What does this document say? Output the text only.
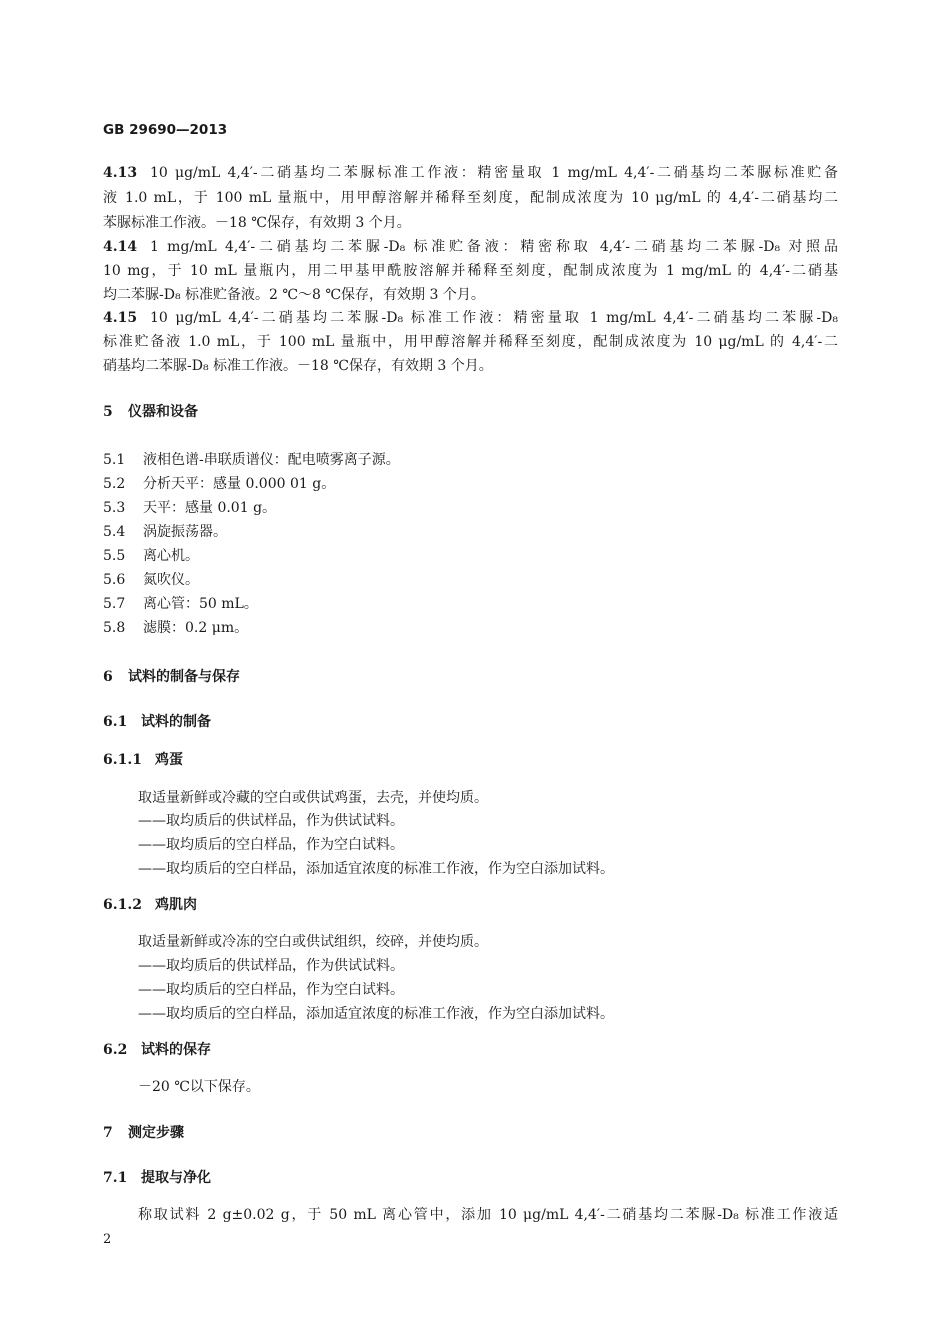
GB 29690—2013
4.13 10 μg/mL 4,4′-二硝基均二苯脲标准工作液：精密量取 1 mg/mL 4,4′-二硝基均二苯脲标准贮备
液 1.0 mL，于 100 mL 量瓶中，用甲醇溶解并稀释至刻度，配制成浓度为 10 μg/mL 的 4,4′-二硝基均二
苯脲标准工作液。－18 ℃保存，有效期 3 个月。
4.14 1 mg/mL 4,4′-二硝基均二苯脲-D₈ 标准贮备液：精密称取 4,4′-二硝基均二苯脲-D₈ 对照品
10 mg，于 10 mL 量瓶内，用二甲基甲酰胺溶解并稀释至刻度，配制成浓度为 1 mg/mL 的 4,4′-二硝基
均二苯脲-D₈ 标准贮备液。2 ℃～8 ℃保存，有效期 3 个月。
4.15 10 μg/mL 4,4′-二硝基均二苯脲-D₈ 标准工作液：精密量取 1 mg/mL 4,4′-二硝基均二苯脲-D₈
标准贮备液 1.0 mL，于 100 mL 量瓶中，用甲醇溶解并稀释至刻度，配制成浓度为 10 μg/mL 的 4,4′-二
硝基均二苯脲-D₈ 标准工作液。－18 ℃保存，有效期 3 个月。
5 仪器和设备
5.1 液相色谱-串联质谱仪：配电喷雾离子源。
5.2 分析天平：感量 0.000 01 g。
5.3 天平：感量 0.01 g。
5.4 涡旋振荡器。
5.5 离心机。
5.6 氮吹仪。
5.7 离心管：50 mL。
5.8 滤膜：0.2 μm。
6 试料的制备与保存
6.1 试料的制备
6.1.1 鸡蛋
取适量新鲜或冷藏的空白或供试鸡蛋，去壳，并使均质。
——取均质后的供试样品，作为供试试料。
——取均质后的空白样品，作为空白试料。
——取均质后的空白样品，添加适宜浓度的标准工作液，作为空白添加试料。
6.1.2 鸡肌肉
取适量新鲜或冷冻的空白或供试组织，绞碎，并使均质。
——取均质后的供试样品，作为供试试料。
——取均质后的空白样品，作为空白试料。
——取均质后的空白样品，添加适宜浓度的标准工作液，作为空白添加试料。
6.2 试料的保存
－20 ℃以下保存。
7 测定步骤
7.1 提取与净化
称取试料 2 g±0.02 g，于 50 mL 离心管中，添加 10 μg/mL 4,4′-二硝基均二苯脲-D₈ 标准工作液适
2
